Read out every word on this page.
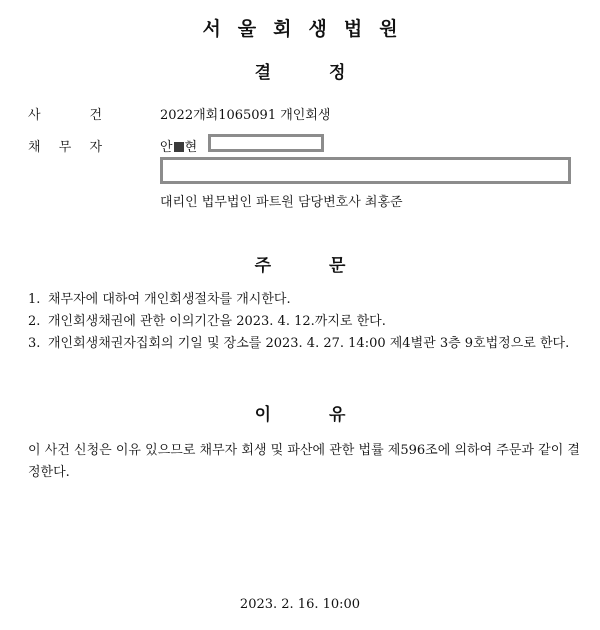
서울회생법원
결 정
사	건	2022개회1065091 개인회생
채 무 자	안 현
대리인 법무법인 파트원 담당변호사 최홍준
주 문
1. 채무자에 대하여 개인회생절차를 개시한다.
2. 개인회생채권에 관한 이의기간을 2023. 4. 12.까지로 한다.
3. 개인회생채권자집회의 기일 및 장소를 2023. 4. 27. 14:00 제4별관 3층 9호법정으로 한다.
이 유
이 사건 신청은 이유 있으므로 채무자 회생 및 파산에 관한 법률 제596조에 의하여 주문과 같이 결정한다.
2023. 2. 16. 10:00
